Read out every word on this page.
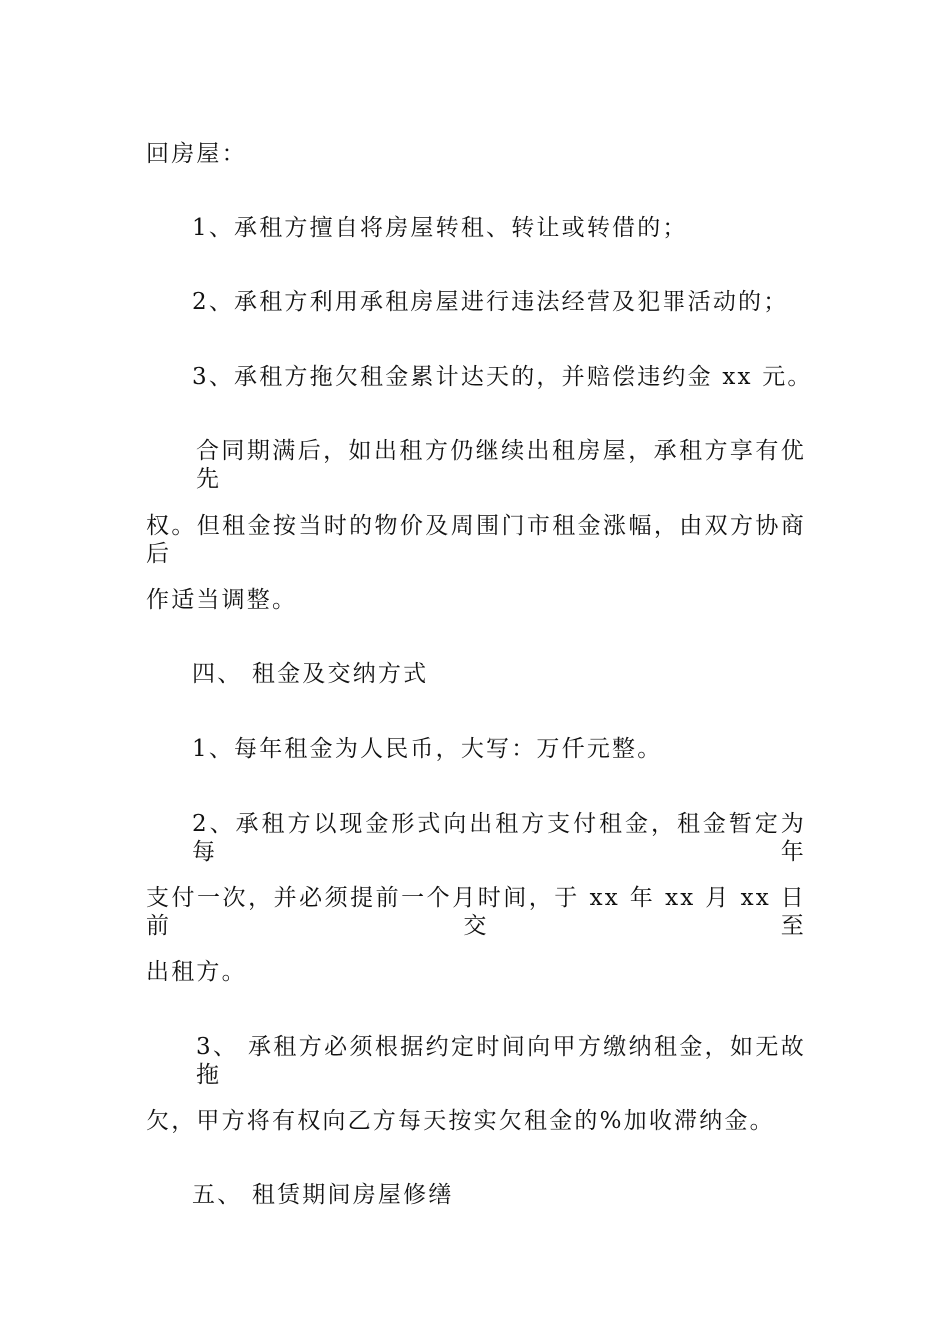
回房屋：

1、承租方擅自将房屋转租、转让或转借的；

2、承租方利用承租房屋进行违法经营及犯罪活动的；

3、承租方拖欠租金累计达天的，并赔偿违约金 xx 元。

合同期满后，如出租方仍继续出租房屋，承租方享有优先

权。但租金按当时的物价及周围门市租金涨幅，由双方协商后

作适当调整。

四、 租金及交纳方式

1、每年租金为人民币，大写：万仟元整。

2、承租方以现金形式向出租方支付租金，租金暂定为每年

支付一次，并必须提前一个月时间，于 xx 年 xx 月 xx 日前交至

出租方。

3、 承租方必须根据约定时间向甲方缴纳租金，如无故拖

欠，甲方将有权向乙方每天按实欠租金的%加收滞纳金。

五、 租赁期间房屋修缮
